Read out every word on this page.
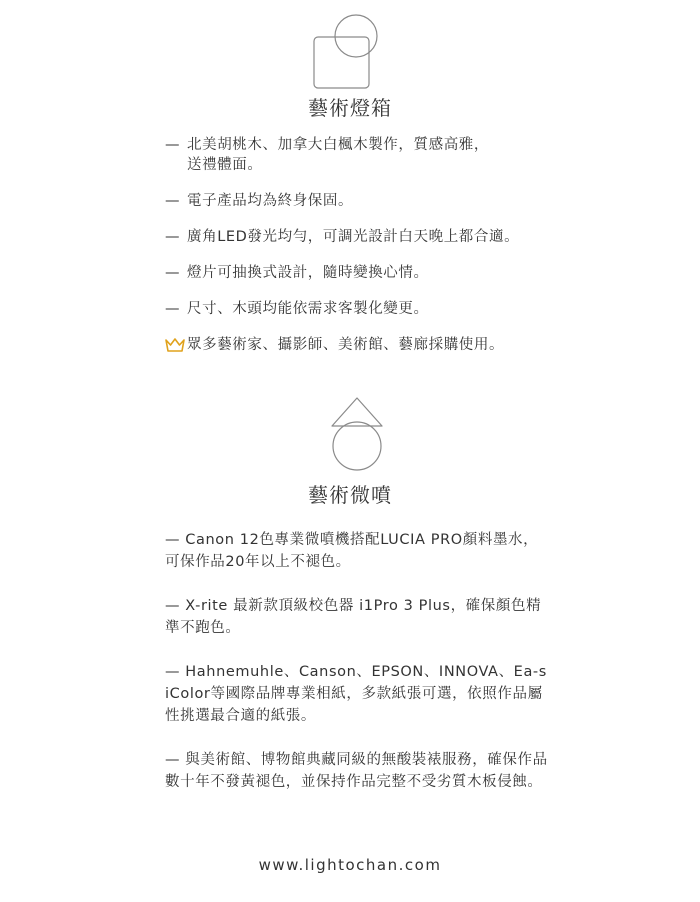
藝術燈箱
— 北美胡桃木、加拿大白楓木製作，質感高雅，
送禮體面。
— 電子產品均為終身保固。
— 廣角LED發光均勻，可調光設計白天晚上都合適。
— 燈片可抽換式設計，隨時變換心情。
— 尺寸、木頭均能依需求客製化變更。
眾多藝術家、攝影師、美術館、藝廊採購使用。
藝術微噴
— Canon 12色專業微噴機搭配LUCIA PRO顏料墨水，可保作品20年以上不褪色。
— X-rite 最新款頂級校色器 i1Pro 3 Plus，確保顏色精準不跑色。
— Hahnemuhle、Canson、EPSON、INNOVA、Ea-siColor等國際品牌專業相紙，多款紙張可選，依照作品屬性挑選最合適的紙張。
— 與美術館、博物館典藏同級的無酸裝裱服務，確保作品數十年不發黃褪色，並保持作品完整不受劣質木板侵蝕。
www.lightochan.com
